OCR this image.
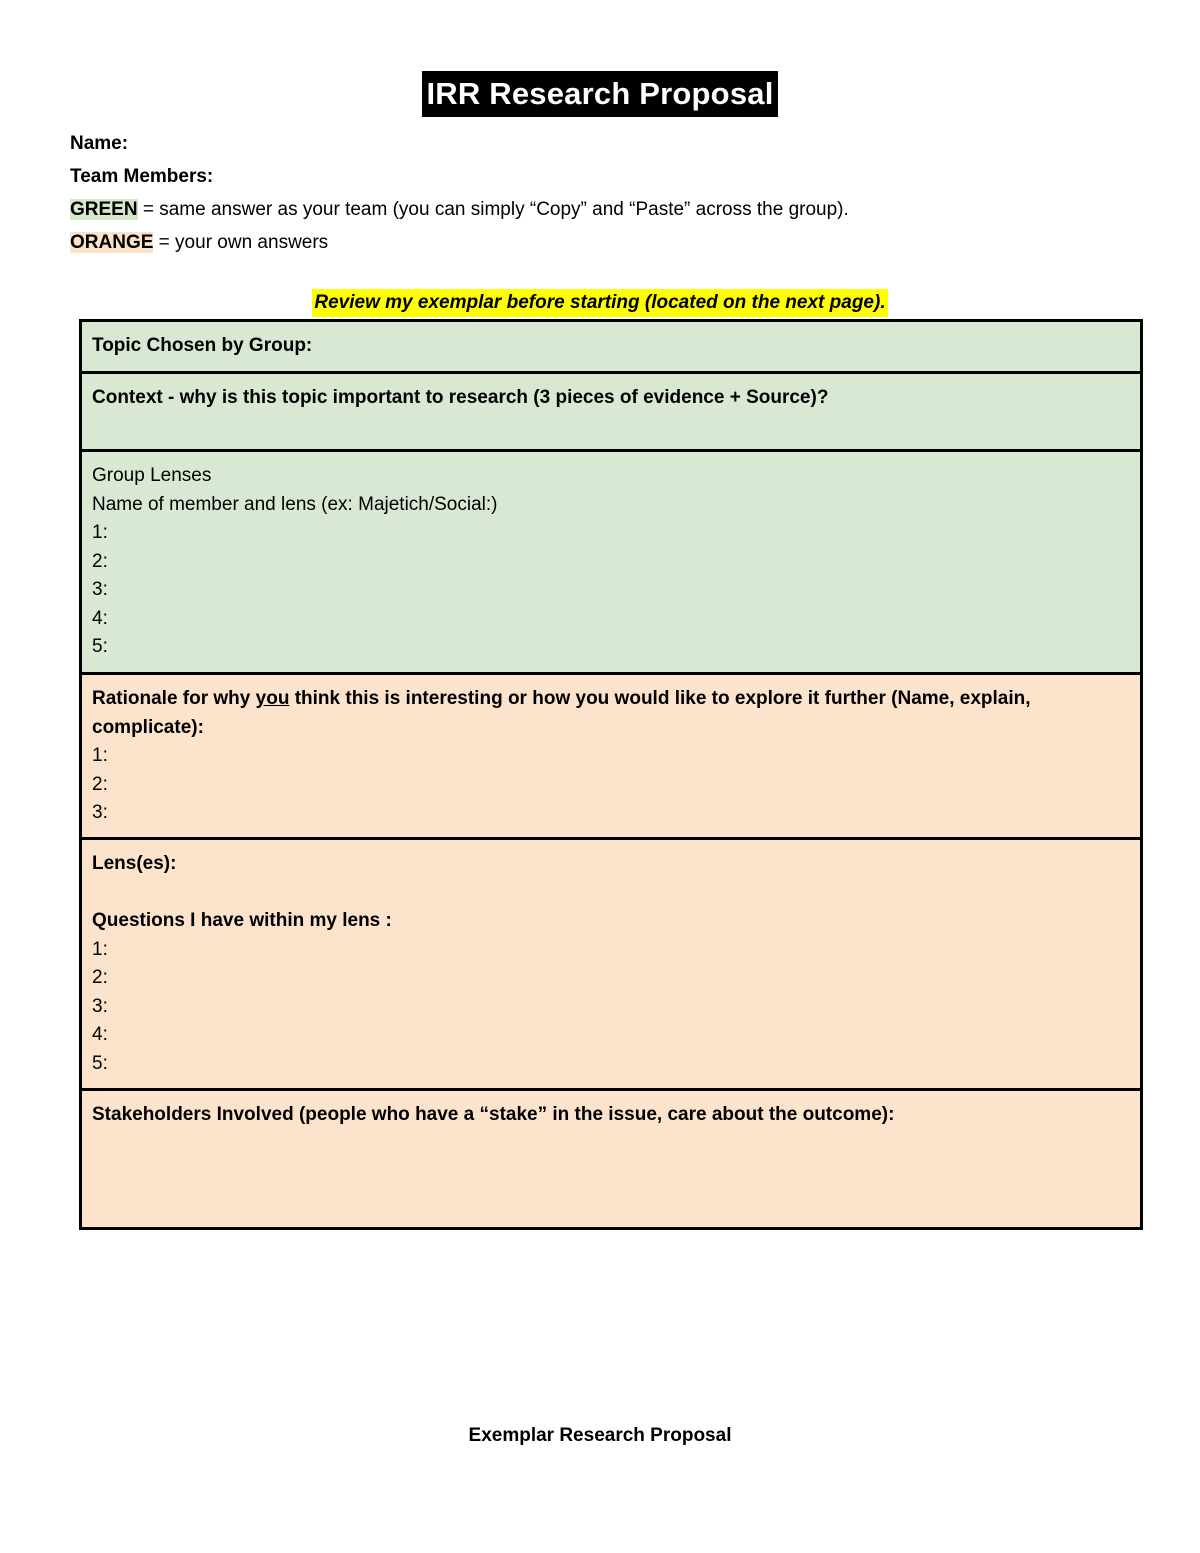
IRR Research Proposal
Name:
Team Members:
GREEN = same answer as your team (you can simply “Copy” and “Paste” across the group).
ORANGE = your own answers
Review my exemplar before starting (located on the next page).
Topic Chosen by Group:
Context - why is this topic important to research (3 pieces of evidence + Source)?
Group Lenses
Name of member and lens (ex: Majetich/Social:)
1:
2:
3:
4:
5:
Rationale for why you think this is interesting or how you would like to explore it further (Name, explain, complicate):
1:
2:
3:
Lens(es):
Questions I have within my lens :
1:
2:
3:
4:
5:
Stakeholders Involved (people who have a “stake” in the issue, care about the outcome):
Exemplar Research Proposal
